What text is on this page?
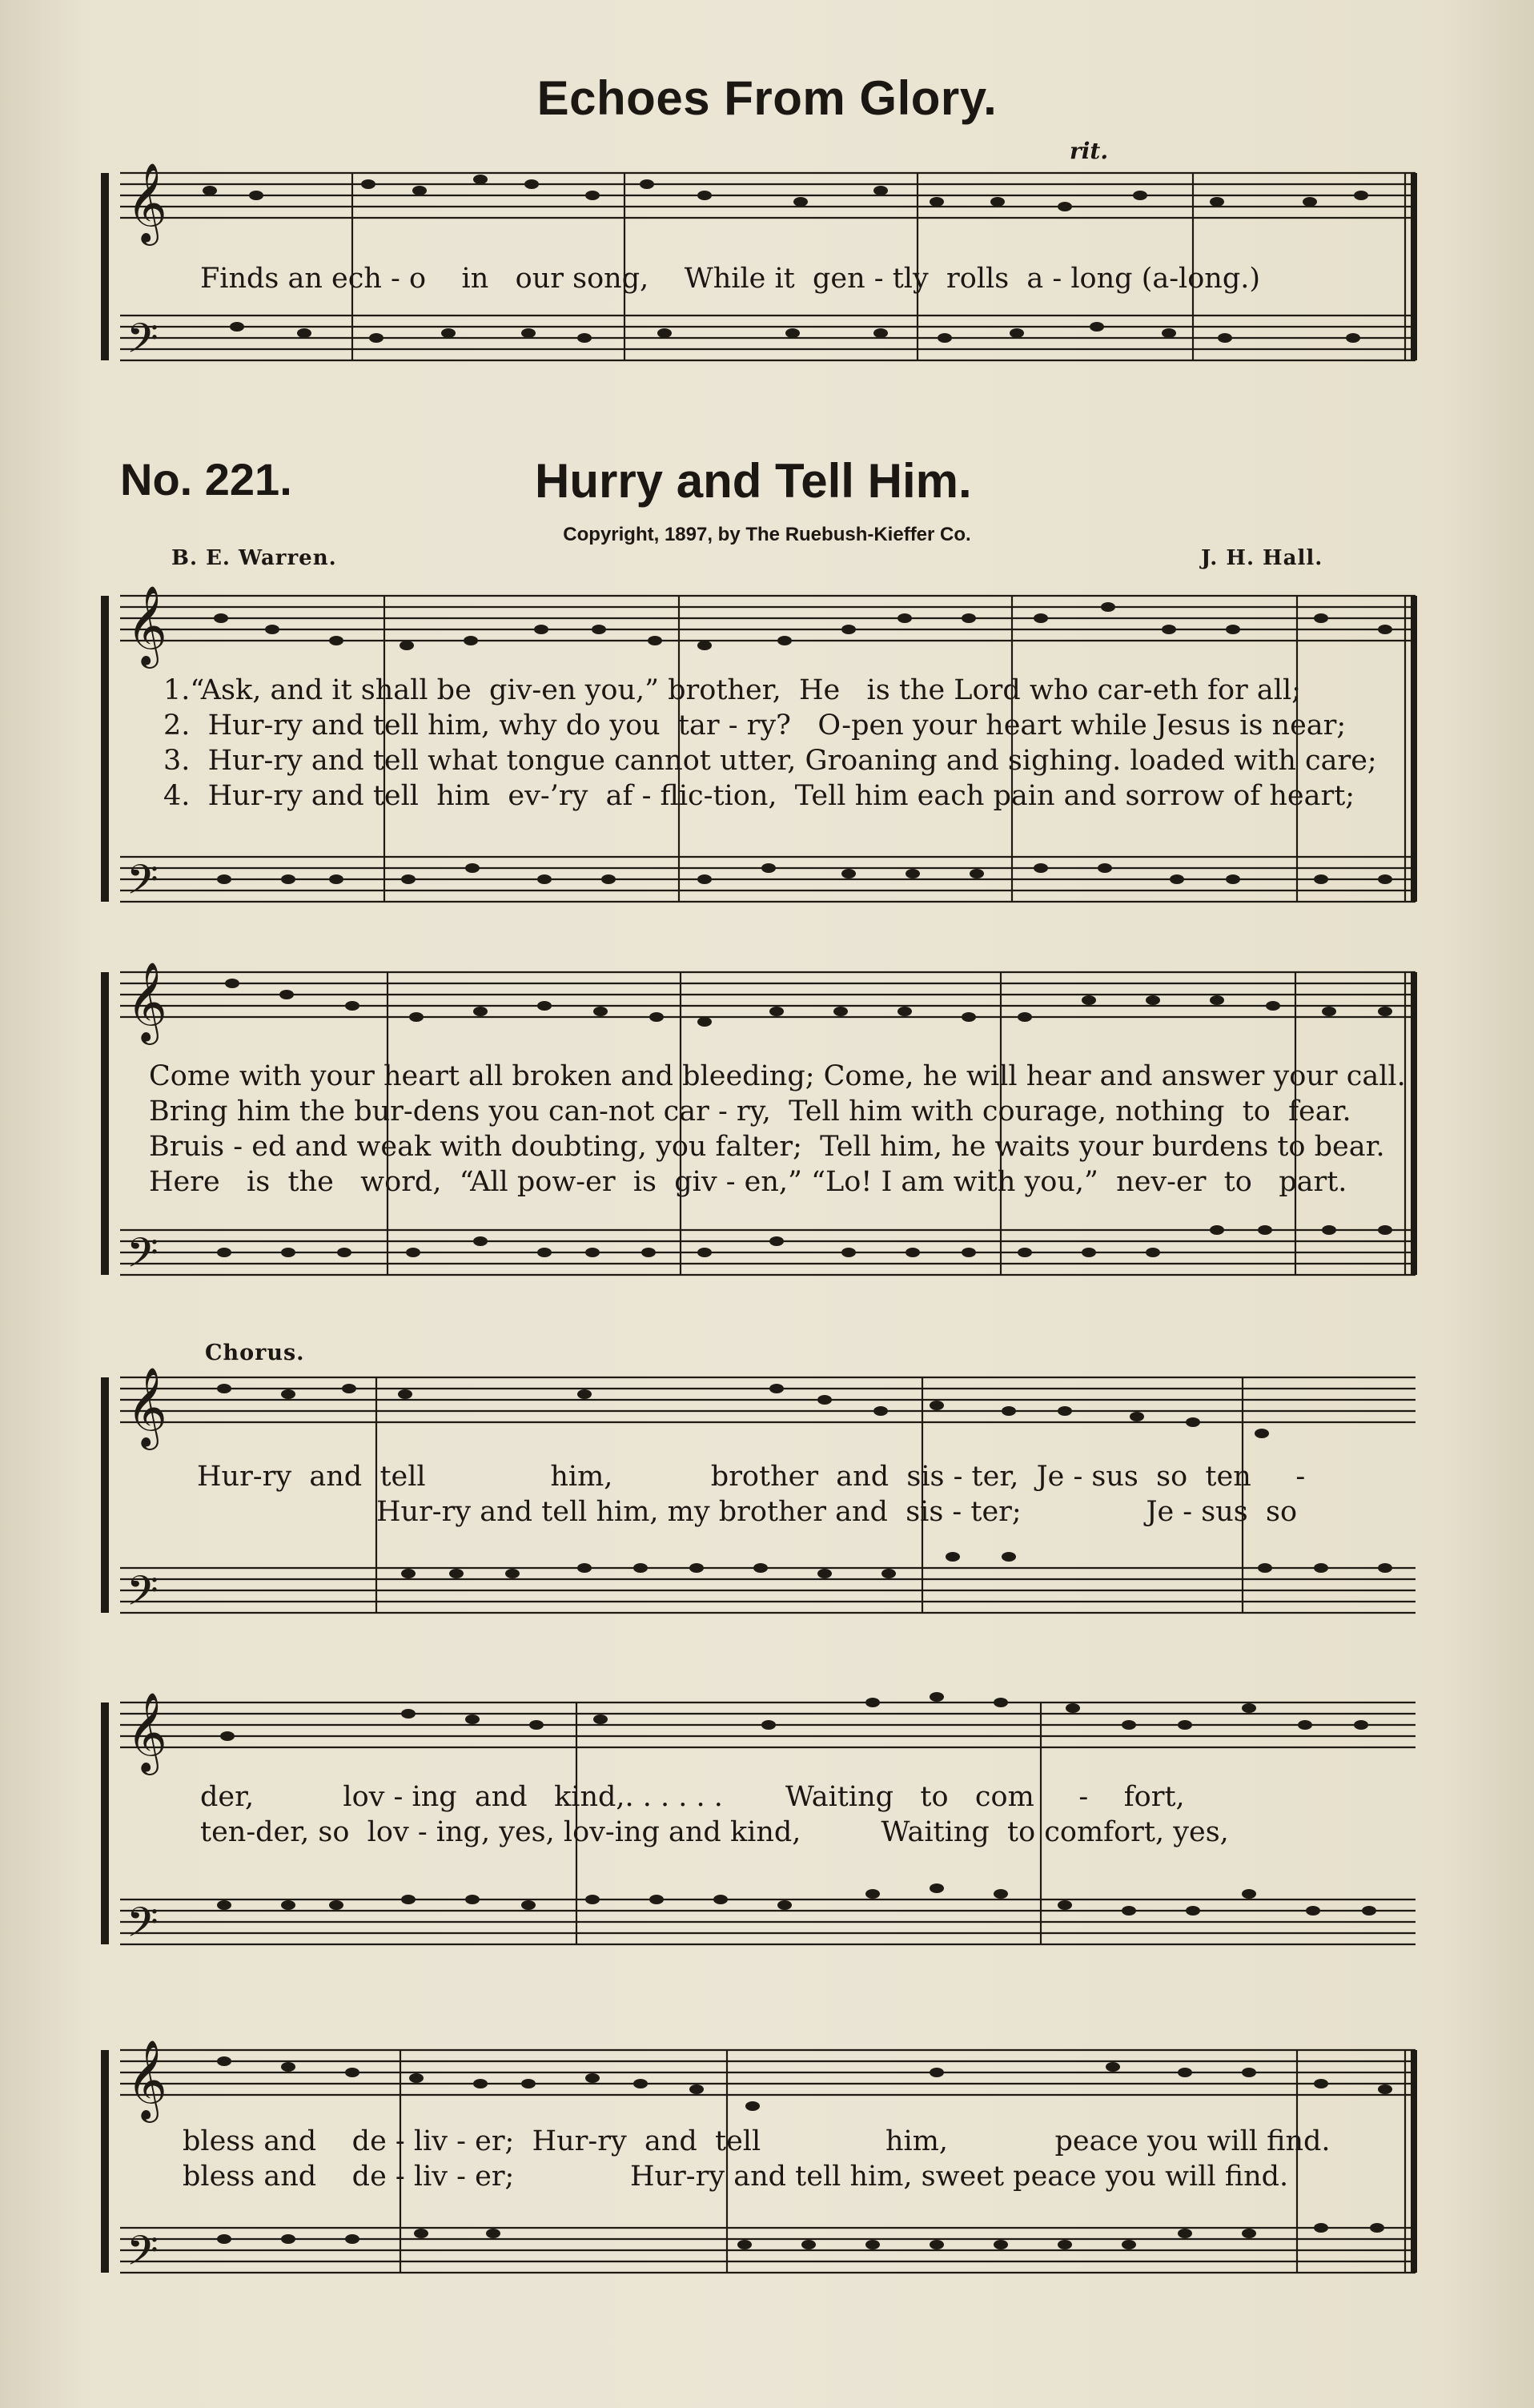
𝄞
𝄢
𝄞
𝄢
𝄞
𝄢
𝄞
𝄢
𝄞
𝄢
𝄞
𝄢
Echoes From Glory.
rit.
Finds an ech - o    in   our song,    While it  gen - tly  rolls  a - long (a-long.)
No. 221.	Hurry and Tell Him.
Copyright, 1897, by The Ruebush-Kieffer Co.
B. E. Warren.	J. H. Hall.
1.“Ask, and it shall be  giv-en you,” brother,  He   is the Lord who car-eth for all;
2.  Hur-ry and tell him, why do you  tar - ry?   O-pen your heart while Jesus is near;
3.  Hur-ry and tell what tongue cannot utter, Groaning and sighing. loaded with care;
4.  Hur-ry and tell  him  ev-’ry  af - flic-tion,  Tell him each pain and sorrow of heart;
Come with your heart all broken and bleeding; Come, he will hear and answer your call.
Bring him the bur-dens you can-not car - ry,  Tell him with courage, nothing  to  fear.
Bruis - ed and weak with doubting, you falter;  Tell him, he waits your burdens to bear.
Here   is  the   word,  “All pow-er  is  giv - en,” “Lo! I am with you,”  nev-er  to   part.
Chorus.
Hur-ry  and  tell              him,           brother  and  sis - ter,  Je - sus  so  ten     -
Hur-ry and tell him, my brother and  sis - ter;              Je - sus  so
der,          lov - ing  and   kind,. . . . . .       Waiting   to   com     -    fort,
ten-der, so  lov - ing, yes, lov-ing and kind,         Waiting  to comfort, yes,
bless and    de - liv - er;  Hur-ry  and  tell              him,            peace you will find.
bless and    de - liv - er;             Hur-ry and tell him, sweet peace you will find.
